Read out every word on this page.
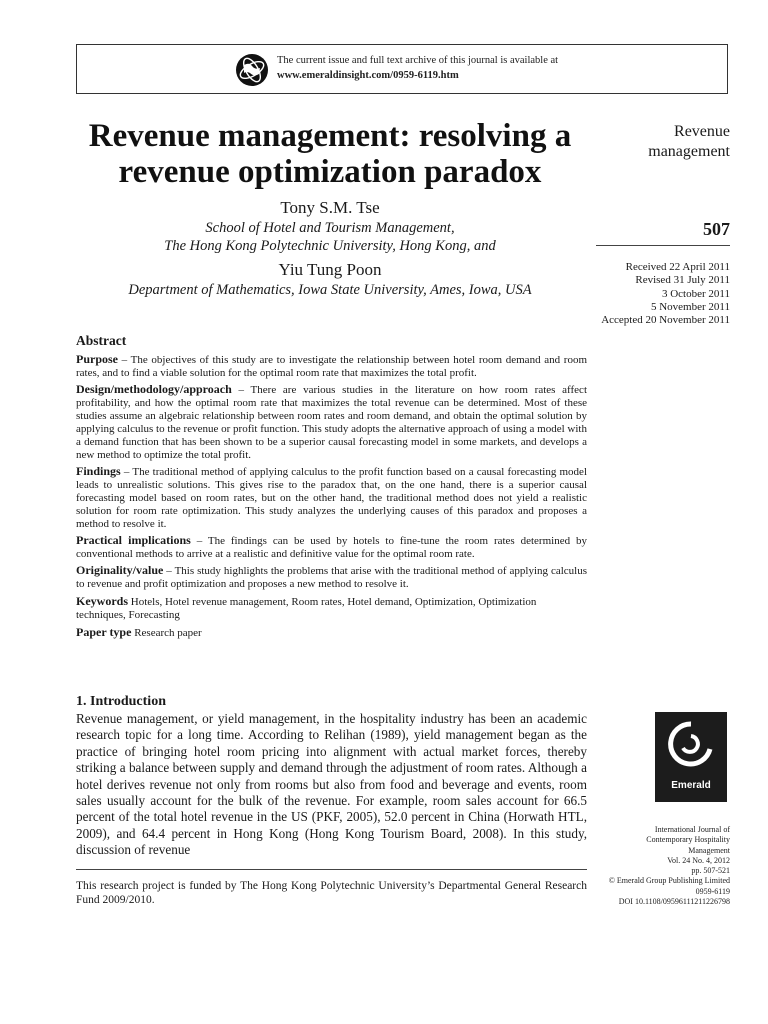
The current issue and full text archive of this journal is available at
www.emeraldinsight.com/0959-6119.htm
Revenue management: resolving a
revenue optimization paradox
Tony S.M. Tse
School of Hotel and Tourism Management,
The Hong Kong Polytechnic University, Hong Kong, and
Yiu Tung Poon
Department of Mathematics, Iowa State University, Ames, Iowa, USA
Revenue
management
507
Received 22 April 2011
Revised 31 July 2011
3 October 2011
5 November 2011
Accepted 20 November 2011
Abstract

Purpose – The objectives of this study are to investigate the relationship between hotel room demand and room rates, and to find a viable solution for the optimal room rate that maximizes the total profit.

Design/methodology/approach – There are various studies in the literature on how room rates affect profitability, and how the optimal room rate that maximizes the total revenue can be determined. Most of these studies assume an algebraic relationship between room rates and room demand, and obtain the optimal solution by applying calculus to the revenue or profit function. This study adopts the alternative approach of using a model with a demand function that has been shown to be a superior causal forecasting model in some markets, and develops a new method to optimize the total profit.

Findings – The traditional method of applying calculus to the profit function based on a causal forecasting model leads to unrealistic solutions. This gives rise to the paradox that, on the one hand, there is a superior causal forecasting model based on room rates, but on the other hand, the traditional method does not yield a realistic solution for room rate optimization. This study analyzes the underlying causes of this paradox and proposes a method to resolve it.

Practical implications – The findings can be used by hotels to fine-tune the room rates determined by conventional methods to arrive at a realistic and definitive value for the optimal room rate.

Originality/value – This study highlights the problems that arise with the traditional method of applying calculus to revenue and profit optimization and proposes a new method to resolve it.

Keywords Hotels, Hotel revenue management, Room rates, Hotel demand, Optimization, Optimization techniques, Forecasting

Paper type Research paper

1. Introduction

Revenue management, or yield management, in the hospitality industry has been an academic research topic for a long time. According to Relihan (1989), yield management began as the practice of bringing hotel room pricing into alignment with actual market forces, thereby striking a balance between supply and demand through the adjustment of room rates. Although a hotel derives revenue not only from rooms but also from food and beverage and events, room sales usually account for the bulk of the revenue. For example, room sales account for 66.5 percent of the total hotel revenue in the US (PKF, 2005), 52.0 percent in China (Horwath HTL, 2009), and 64.4 percent in Hong Kong (Hong Kong Tourism Board, 2008). In this study, discussion of revenue

This research project is funded by The Hong Kong Polytechnic University’s Departmental General Research Fund 2009/2010.

Emerald
International Journal of
Contemporary Hospitality
Management
Vol. 24 No. 4, 2012
pp. 507-521
© Emerald Group Publishing Limited
0959-6119
DOI 10.1108/09596111211226798
